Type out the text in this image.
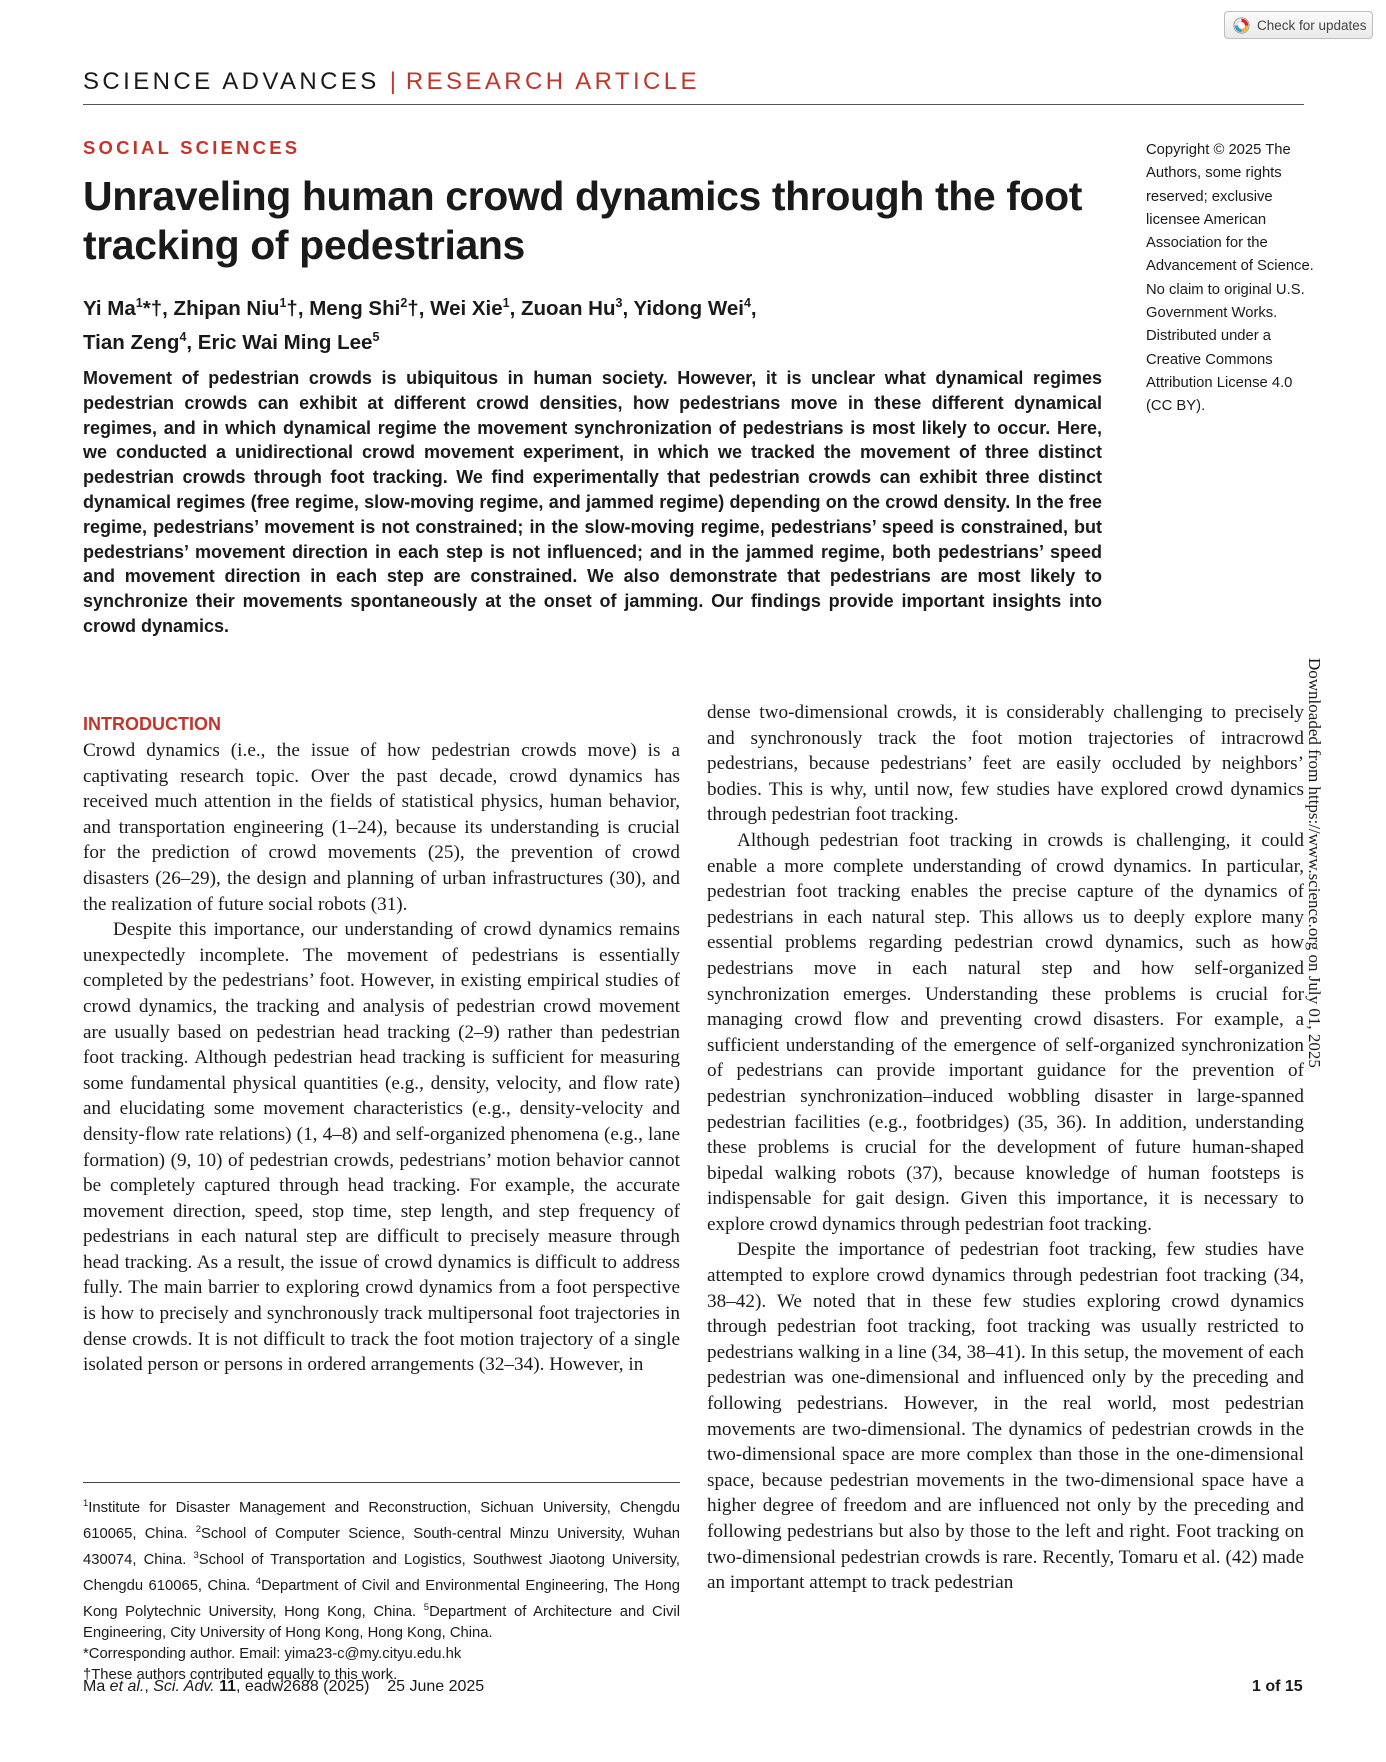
Check for updates
SCIENCE ADVANCES | RESEARCH ARTICLE
SOCIAL SCIENCES
Unraveling human crowd dynamics through the foot tracking of pedestrians
Yi Ma$^1$*†, Zhipan Niu$^1$†, Meng Shi$^2$†, Wei Xie$^1$, Zuoan Hu$^3$, Yidong Wei$^4$,
Tian Zeng$^4$, Eric Wai Ming Lee$^5$
Copyright © 2025 The Authors, some rights reserved; exclusive licensee American Association for the Advancement of Science. No claim to original U.S. Government Works. Distributed under a Creative Commons Attribution License 4.0 (CC BY).
Movement of pedestrian crowds is ubiquitous in human society. However, it is unclear what dynamical regimes pedestrian crowds can exhibit at different crowd densities, how pedestrians move in these different dynamical regimes, and in which dynamical regime the movement synchronization of pedestrians is most likely to occur. Here, we conducted a unidirectional crowd movement experiment, in which we tracked the movement of three distinct pedestrian crowds through foot tracking. We find experimentally that pedestrian crowds can exhibit three distinct dynamical regimes (free regime, slow-moving regime, and jammed regime) depending on the crowd density. In the free regime, pedestrians’ movement is not constrained; in the slow-moving regime, pedestrians’ speed is constrained, but pedestrians’ movement direction in each step is not influenced; and in the jammed regime, both pedestrians’ speed and movement direction in each step are constrained. We also demonstrate that pedestrians are most likely to synchronize their movements spontaneously at the onset of jamming. Our findings provide important insights into crowd dynamics.
Downloaded from https://www.science.org on July 01, 2025
INTRODUCTION

Crowd dynamics (i.e., the issue of how pedestrian crowds move) is a captivating research topic. Over the past decade, crowd dynamics has received much attention in the fields of statistical physics, human behavior, and transportation engineering (1–24), because its understanding is crucial for the prediction of crowd movements (25), the prevention of crowd disasters (26–29), the design and planning of urban infrastructures (30), and the realization of future social robots (31).

Despite this importance, our understanding of crowd dynamics remains unexpectedly incomplete. The movement of pedestrians is essentially completed by the pedestrians’ foot. However, in existing empirical studies of crowd dynamics, the tracking and analysis of pedestrian crowd movement are usually based on pedestrian head tracking (2–9) rather than pedestrian foot tracking. Although pedestrian head tracking is sufficient for measuring some fundamental physical quantities (e.g., density, velocity, and flow rate) and elucidating some movement characteristics (e.g., density-velocity and density-flow rate relations) (1, 4–8) and self-organized phenomena (e.g., lane formation) (9, 10) of pedestrian crowds, pedestrians’ motion behavior cannot be completely captured through head tracking. For example, the accurate movement direction, speed, stop time, step length, and step frequency of pedestrians in each natural step are difficult to precisely measure through head tracking. As a result, the issue of crowd dynamics is difficult to address fully. The main barrier to exploring crowd dynamics from a foot perspective is how to precisely and synchronously track multipersonal foot trajectories in dense crowds. It is not difficult to track the foot motion trajectory of a single isolated person or persons in ordered arrangements (32–34). However, in

dense two-dimensional crowds, it is considerably challenging to precisely and synchronously track the foot motion trajectories of intracrowd pedestrians, because pedestrians’ feet are easily occluded by neighbors’ bodies. This is why, until now, few studies have explored crowd dynamics through pedestrian foot tracking.

Although pedestrian foot tracking in crowds is challenging, it could enable a more complete understanding of crowd dynamics. In particular, pedestrian foot tracking enables the precise capture of the dynamics of pedestrians in each natural step. This allows us to deeply explore many essential problems regarding pedestrian crowd dynamics, such as how pedestrians move in each natural step and how self-organized synchronization emerges. Understanding these problems is crucial for managing crowd flow and preventing crowd disasters. For example, a sufficient understanding of the emergence of self-organized synchronization of pedestrians can provide important guidance for the prevention of pedestrian synchronization–induced wobbling disaster in large-spanned pedestrian facilities (e.g., footbridges) (35, 36). In addition, understanding these problems is crucial for the development of future human-shaped bipedal walking robots (37), because knowledge of human footsteps is indispensable for gait design. Given this importance, it is necessary to explore crowd dynamics through pedestrian foot tracking.

Despite the importance of pedestrian foot tracking, few studies have attempted to explore crowd dynamics through pedestrian foot tracking (34, 38–42). We noted that in these few studies exploring crowd dynamics through pedestrian foot tracking, foot tracking was usually restricted to pedestrians walking in a line (34, 38–41). In this setup, the movement of each pedestrian was one-dimensional and influenced only by the preceding and following pedestrians. However, in the real world, most pedestrian movements are two-dimensional. The dynamics of pedestrian crowds in the two-dimensional space are more complex than those in the one-dimensional space, because pedestrian movements in the two-dimensional space have a higher degree of freedom and are influenced not only by the preceding and following pedestrians but also by those to the left and right. Foot tracking on two-dimensional pedestrian crowds is rare. Recently, Tomaru et al. (42) made an important attempt to track pedestrian

$^1$Institute for Disaster Management and Reconstruction, Sichuan University, Chengdu 610065, China. $^2$School of Computer Science, South-central Minzu University, Wuhan 430074, China. $^3$School of Transportation and Logistics, Southwest Jiaotong University, Chengdu 610065, China. $^4$Department of Civil and Environmental Engineering, The Hong Kong Polytechnic University, Hong Kong, China. $^5$Department of Architecture and Civil Engineering, City University of Hong Kong, Hong Kong, China.

*Corresponding author. Email: yima23-c@my.cityu.edu.hk

†These authors contributed equally to this work.

Ma et al., Sci. Adv. 11, eadw2688 (2025) 25 June 2025	1 of 15
